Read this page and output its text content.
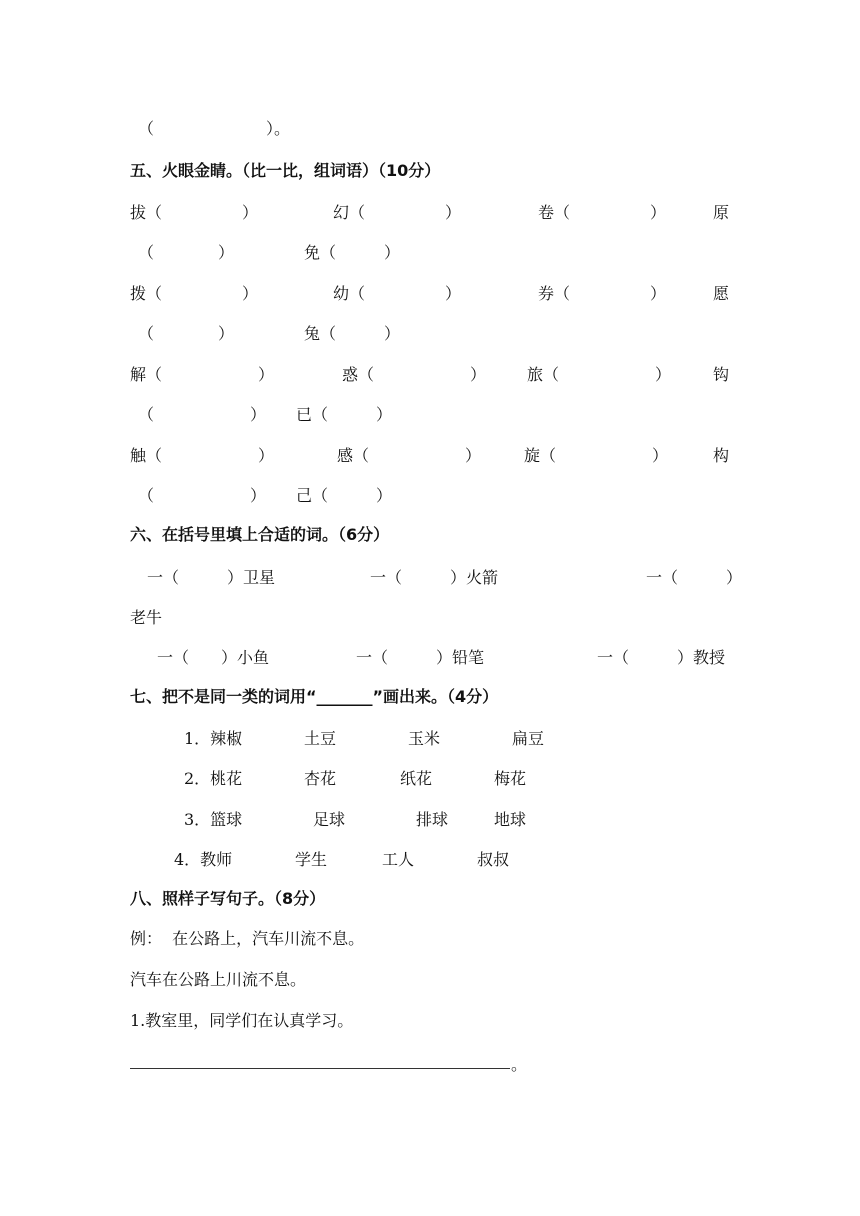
（　　　　　　　）。
五、火眼金睛。（比一比，组词语）（10分）
拔（　　　　　）	幻（　　　　　）	卷（　　　　　）	原
（　　　　）	免（　　　）
拨（　　　　　）	幼（　　　　　）	券（　　　　　）	愿
（　　　　）	兔（　　　）
解（　　　　　　）	惑（　　　　　　）	旅（　　　　　　）	钩
（　　　　　　） 已（　　　）
触（　　　　　　）	感（　　　　　　）	旋（　　　　　　）	构
（　　　　　　） 己（　　　）
六、在括号里填上合适的词。（6分）
一（　　　）卫星	一（　　　）火箭	一（　　　）
老牛
一（　　）小鱼	一（　　　）铅笔	一（　　　）教授
七、把不是同一类的词用“_______”画出来。（4分）
1．辣椒	土豆	玉米	扁豆
2．桃花	杏花	纸花	梅花
3．篮球	足球	排球	地球
4．教师	学生	工人	叔叔
八、照样子写句子。（8分）
例：  在公路上，汽车川流不息。
汽车在公路上川流不息。
1.教室里，同学们在认真学习。
。
